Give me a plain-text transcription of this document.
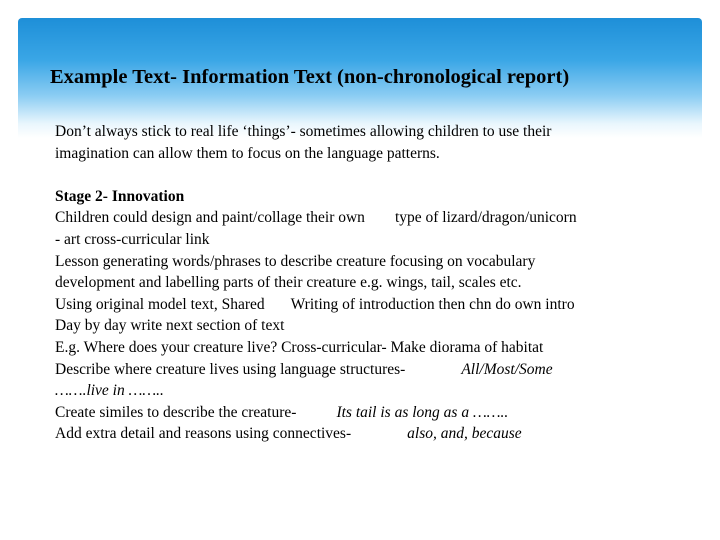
Example Text- Information Text (non-chronological report)
Don’t always stick to real life ‘things’- sometimes allowing children to use their
imagination can allow them to focus on the language patterns.
Stage 2- Innovation
Children could design and paint/collage their own type of lizard/dragon/unicorn
- art cross-curricular link
Lesson generating words/phrases to describe creature focusing on vocabulary
development and labelling parts of their creature e.g. wings, tail, scales etc.
Using original model text, Shared Writing of introduction then chn do own intro
Day by day write next section of text
E.g. Where does your creature live? Cross-curricular- Make diorama of habitat
Describe where creature lives using language structures-	All/Most/Some
…….live in ……..
Create similes to describe the creature-	Its tail is as long as a ……..
Add extra detail and reasons using connectives-	also, and, because
